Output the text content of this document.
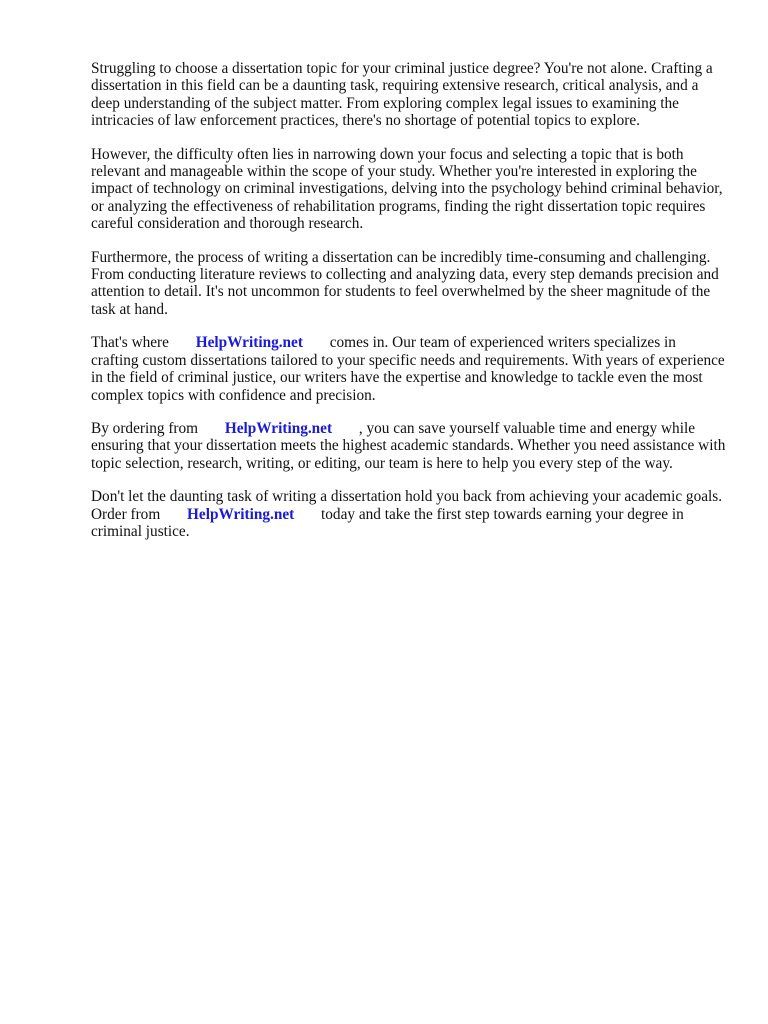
Struggling to choose a dissertation topic for your criminal justice degree? You're not alone. Crafting a dissertation in this field can be a daunting task, requiring extensive research, critical analysis, and a deep understanding of the subject matter. From exploring complex legal issues to examining the intricacies of law enforcement practices, there's no shortage of potential topics to explore.

However, the difficulty often lies in narrowing down your focus and selecting a topic that is both relevant and manageable within the scope of your study. Whether you're interested in exploring the impact of technology on criminal investigations, delving into the psychology behind criminal behavior, or analyzing the effectiveness of rehabilitation programs, finding the right dissertation topic requires careful consideration and thorough research.

Furthermore, the process of writing a dissertation can be incredibly time-consuming and challenging. From conducting literature reviews to collecting and analyzing data, every step demands precision and attention to detail. It's not uncommon for students to feel overwhelmed by the sheer magnitude of the task at hand.

That's where HelpWriting.net comes in. Our team of experienced writers specializes in crafting custom dissertations tailored to your specific needs and requirements. With years of experience in the field of criminal justice, our writers have the expertise and knowledge to tackle even the most complex topics with confidence and precision.

By ordering from HelpWriting.net , you can save yourself valuable time and energy while ensuring that your dissertation meets the highest academic standards. Whether you need assistance with topic selection, research, writing, or editing, our team is here to help you every step of the way.

Don't let the daunting task of writing a dissertation hold you back from achieving your academic goals. Order from HelpWriting.net today and take the first step towards earning your degree in criminal justice.
